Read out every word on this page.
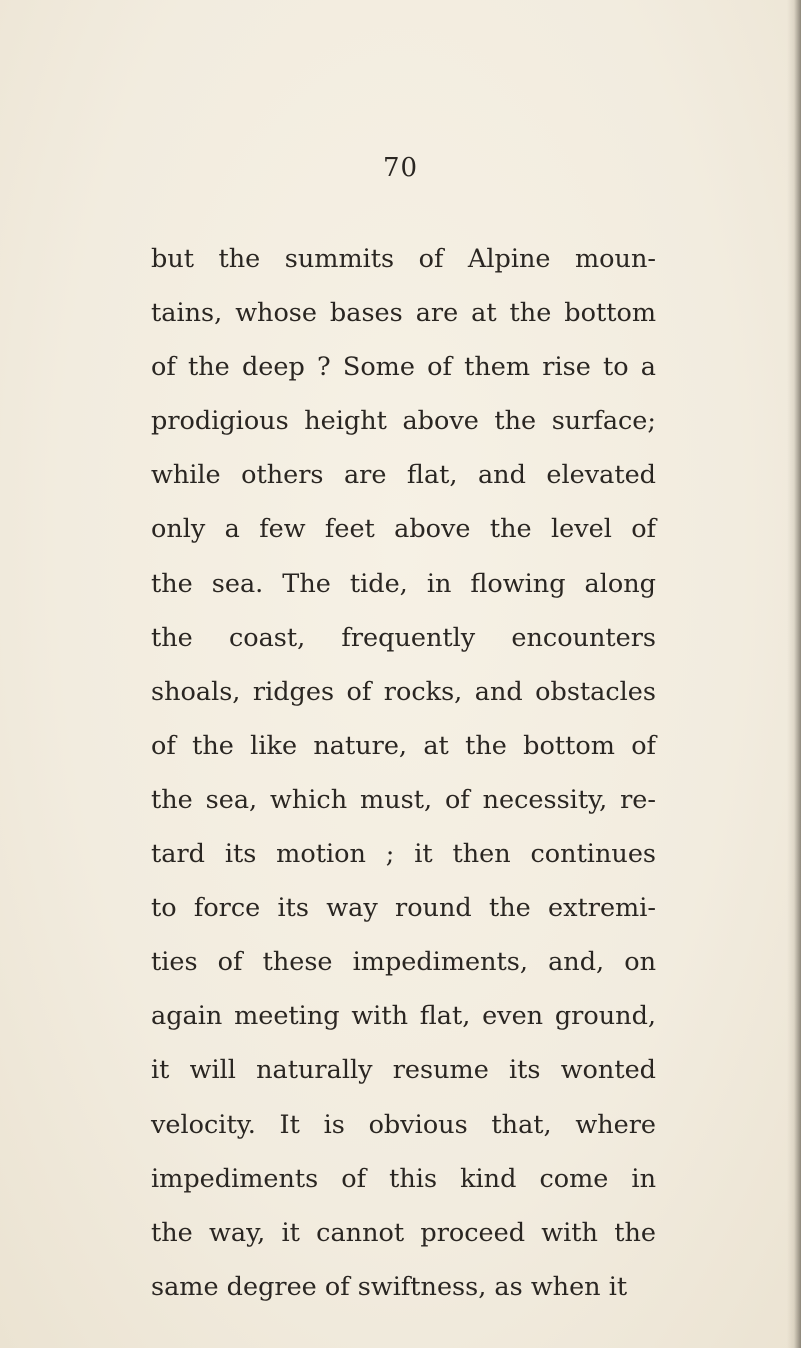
70

but the summits of Alpine moun-
tains, whose bases are at the bottom
of the deep ? Some of them rise to a
prodigious height above the surface;
while others are flat, and elevated
only a few feet above the level of
the sea. The tide, in flowing along
the coast, frequently encounters
shoals, ridges of rocks, and obstacles
of the like nature, at the bottom of
the sea, which must, of necessity, re-
tard its motion ; it then continues
to force its way round the extremi-
ties of these impediments, and, on
again meeting with flat, even ground,
it will naturally resume its wonted
velocity. It is obvious that, where
impediments of this kind come in
the way, it cannot proceed with the
same degree of swiftness, as when it
